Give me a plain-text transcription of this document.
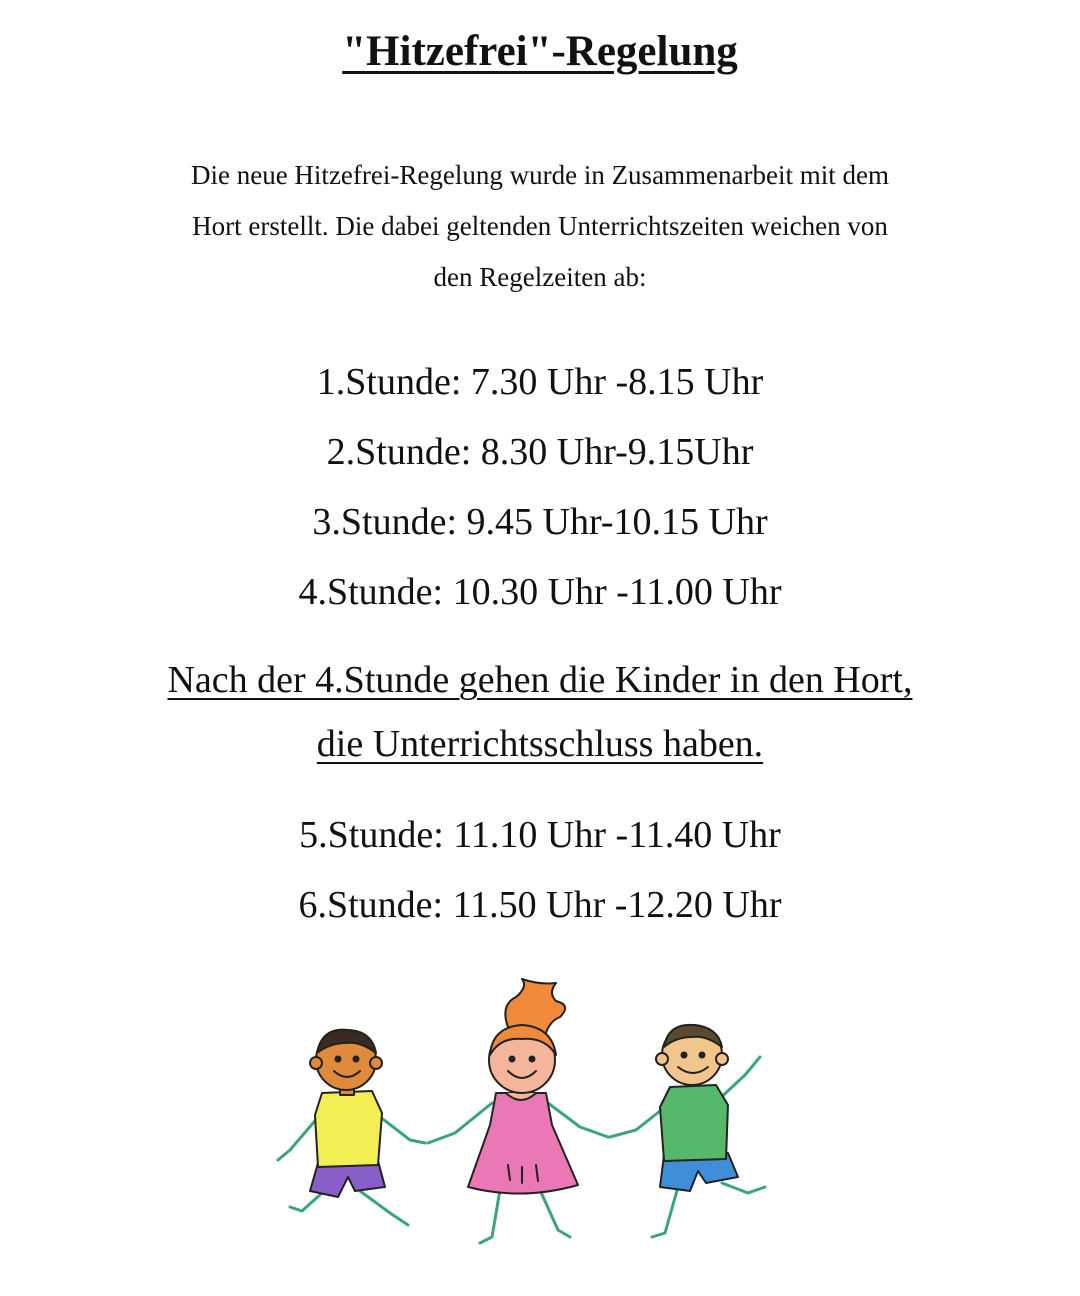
"Hitzefrei"-Regelung

Die neue Hitzefrei-Regelung wurde in Zusammenarbeit mit dem
Hort erstellt. Die dabei geltenden Unterrichtszeiten weichen von
den Regelzeiten ab:

1.Stunde: 7.30 Uhr -8.15 Uhr
2.Stunde: 8.30 Uhr-9.15Uhr
3.Stunde: 9.45 Uhr-10.15 Uhr
4.Stunde: 10.30 Uhr -11.00 Uhr

Nach der 4.Stunde gehen die Kinder in den Hort,
die Unterrichtsschluss haben.

5.Stunde: 11.10 Uhr -11.40 Uhr
6.Stunde: 11.50 Uhr -12.20 Uhr
